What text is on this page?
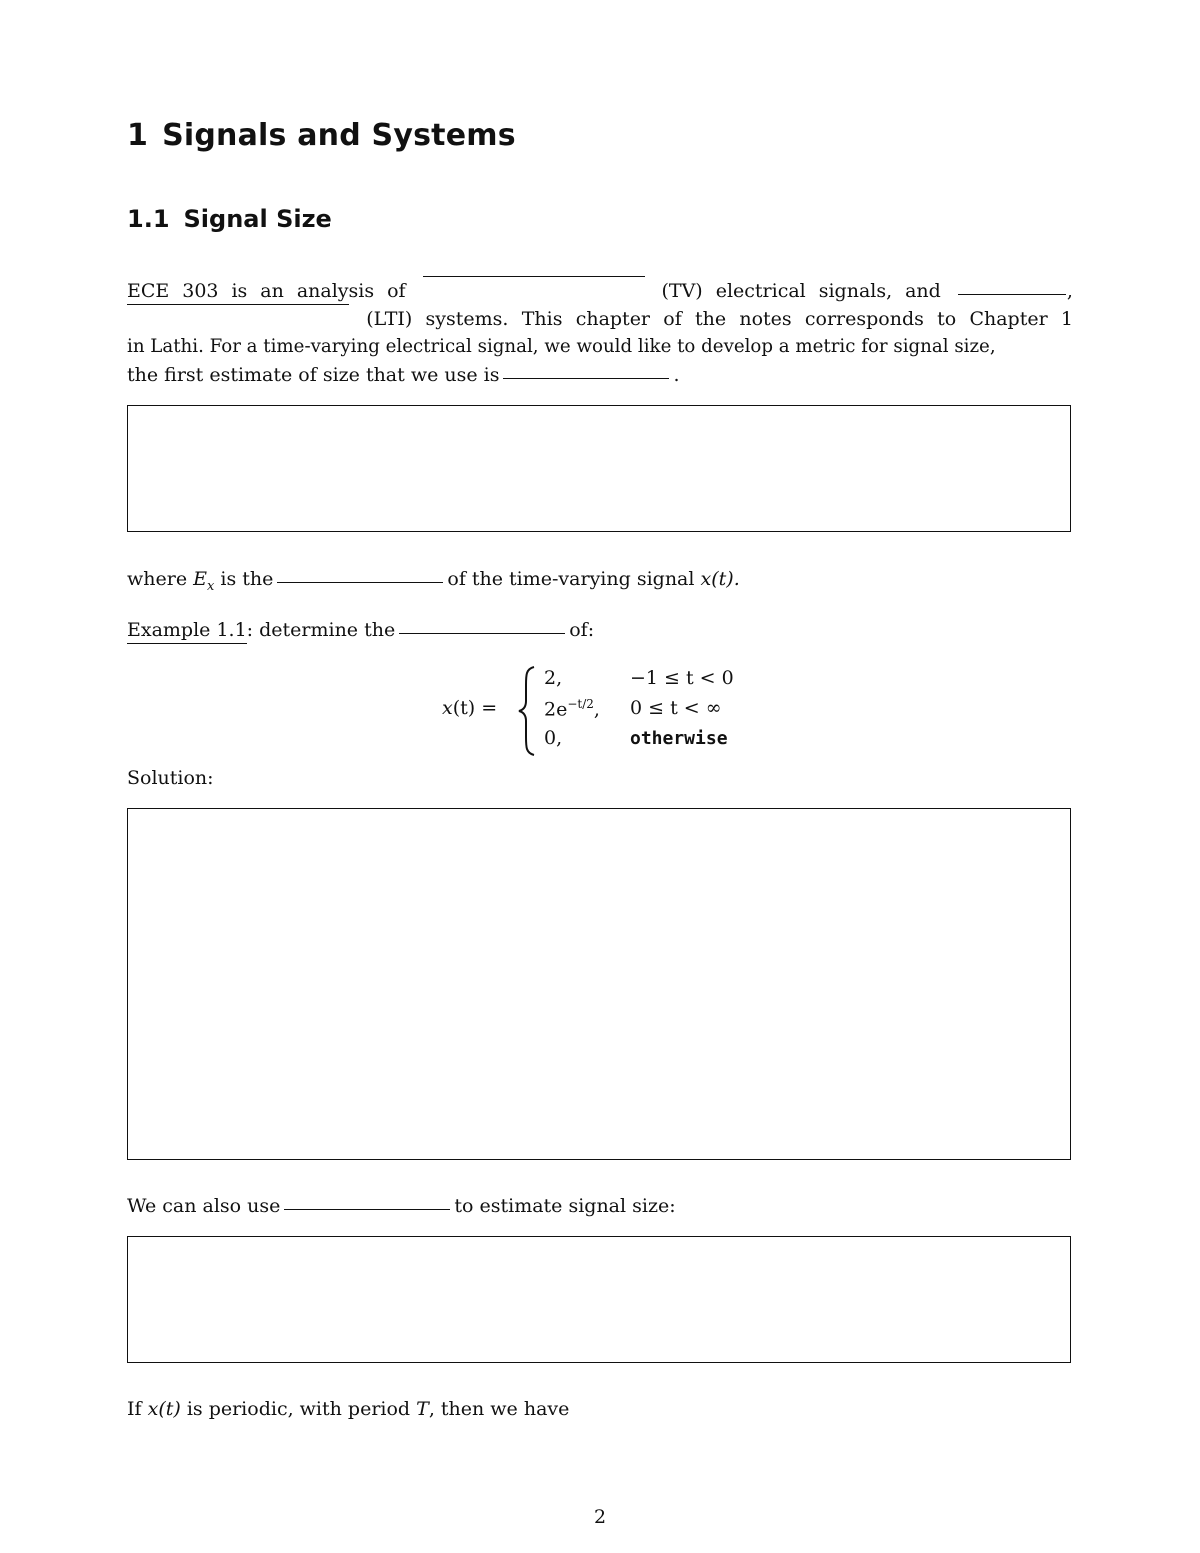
1 Signals and Systems
1.1 Signal Size
ECE 303 is an analysis of	(TV) electrical signals, and	,
(LTI) systems. This chapter of the notes corresponds to Chapter 1
in Lathi. For a time-varying electrical signal, we would like to develop a metric for signal size,
the first estimate of size that we use is	.
where $E_x$ is the	of the time-varying signal x(t).
Example 1.1: determine the	of:
x(t) =
2,	−1 ≤ t < 0
$2e^{-t/2}$, 0 ≤ t < ∞
0,	otherwise
Solution:
We can also use	to estimate signal size:
If x(t) is periodic, with period T, then we have
2
